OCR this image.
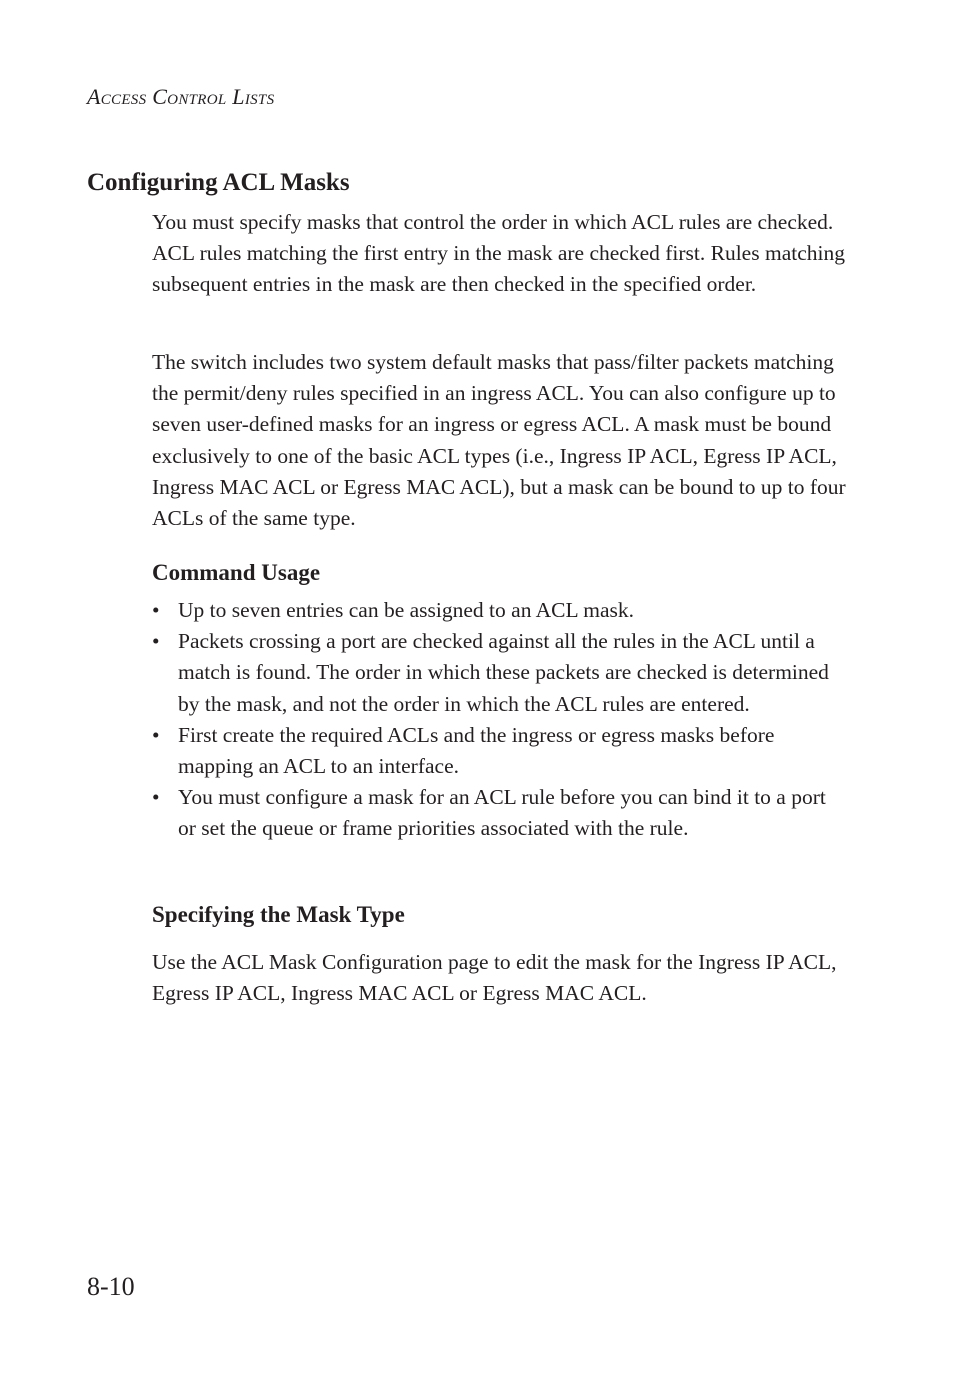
Access Control Lists
Configuring ACL Masks

You must specify masks that control the order in which ACL rules are checked. ACL rules matching the first entry in the mask are checked first. Rules matching subsequent entries in the mask are then checked in the specified order.

The switch includes two system default masks that pass/filter packets matching the permit/deny rules specified in an ingress ACL. You can also configure up to seven user-defined masks for an ingress or egress ACL. A mask must be bound exclusively to one of the basic ACL types (i.e., Ingress IP ACL, Egress IP ACL, Ingress MAC ACL or Egress MAC ACL), but a mask can be bound to up to four ACLs of the same type.

Command Usage
• Up to seven entries can be assigned to an ACL mask.
• Packets crossing a port are checked against all the rules in the ACL until a match is found. The order in which these packets are checked is determined by the mask, and not the order in which the ACL rules are entered.
• First create the required ACLs and the ingress or egress masks before mapping an ACL to an interface.
• You must configure a mask for an ACL rule before you can bind it to a port or set the queue or frame priorities associated with the rule.
Specifying the Mask Type

Use the ACL Mask Configuration page to edit the mask for the Ingress IP ACL, Egress IP ACL, Ingress MAC ACL or Egress MAC ACL.

8-10
